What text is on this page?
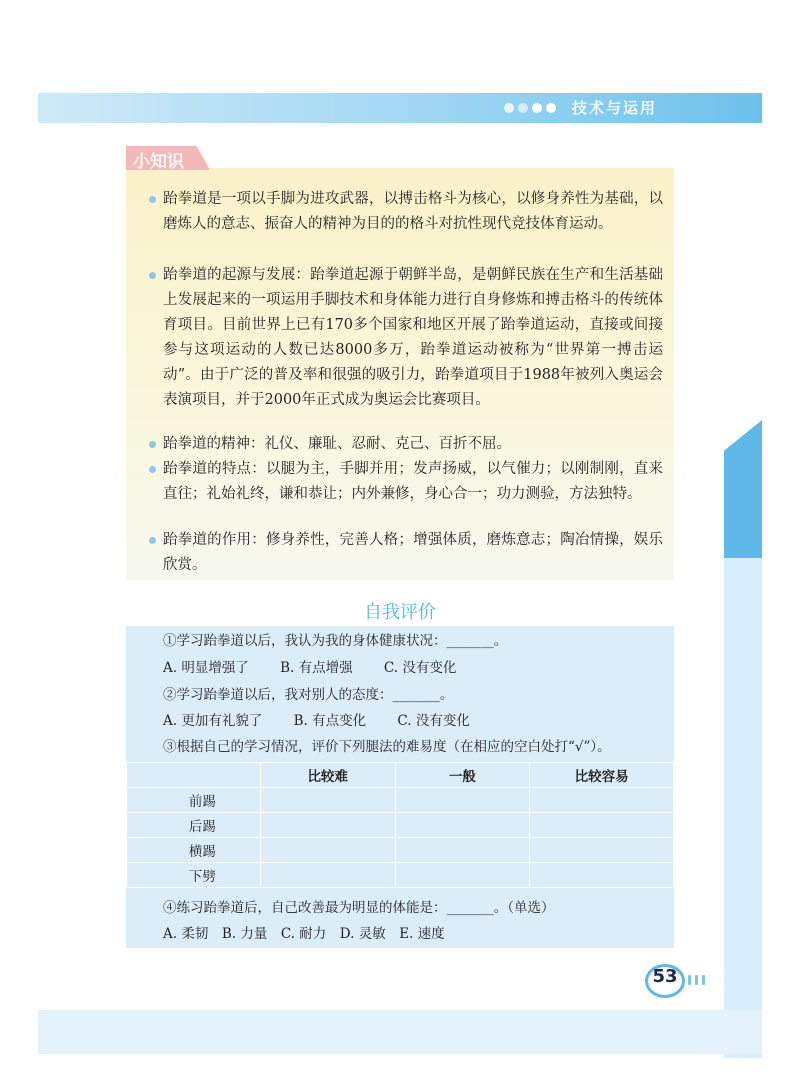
技术与运用
小知识
跆拳道是一项以手脚为进攻武器，以搏击格斗为核心，以修身养性为基础，以磨炼人的意志、振奋人的精神为目的的格斗对抗性现代竞技体育运动。
跆拳道的起源与发展：跆拳道起源于朝鲜半岛，是朝鲜民族在生产和生活基础上发展起来的一项运用手脚技术和身体能力进行自身修炼和搏击格斗的传统体育项目。目前世界上已有170多个国家和地区开展了跆拳道运动，直接或间接参与这项运动的人数已达8000多万，跆拳道运动被称为“世界第一搏击运动”。由于广泛的普及率和很强的吸引力，跆拳道项目于1988年被列入奥运会表演项目，并于2000年正式成为奥运会比赛项目。
跆拳道的精神：礼仪、廉耻、忍耐、克己、百折不屈。
跆拳道的特点：以腿为主，手脚并用；发声扬威，以气催力；以刚制刚，直来直往；礼始礼终，谦和恭让；内外兼修，身心合一；功力测验，方法独特。
跆拳道的作用：修身养性，完善人格；增强体质，磨炼意志；陶冶情操，娱乐欣赏。
自我评价
①学习跆拳道以后，我认为我的身体健康状况：_______。
A. 明显增强了　　 B. 有点增强　　 C. 没有变化
②学习跆拳道以后，我对别人的态度：_______。
A. 更加有礼貌了　　 B. 有点变化　　 C. 没有变化
③根据自己的学习情况，评价下列腿法的难易度（在相应的空白处打“√”）。
	比较难	一般	比较容易
前踢			
后踢			
横踢			
下劈			
④练习跆拳道后，自己改善最为明显的体能是：_______。（单选）
A. 柔韧　B. 力量　C. 耐力　D. 灵敏　E. 速度
53
